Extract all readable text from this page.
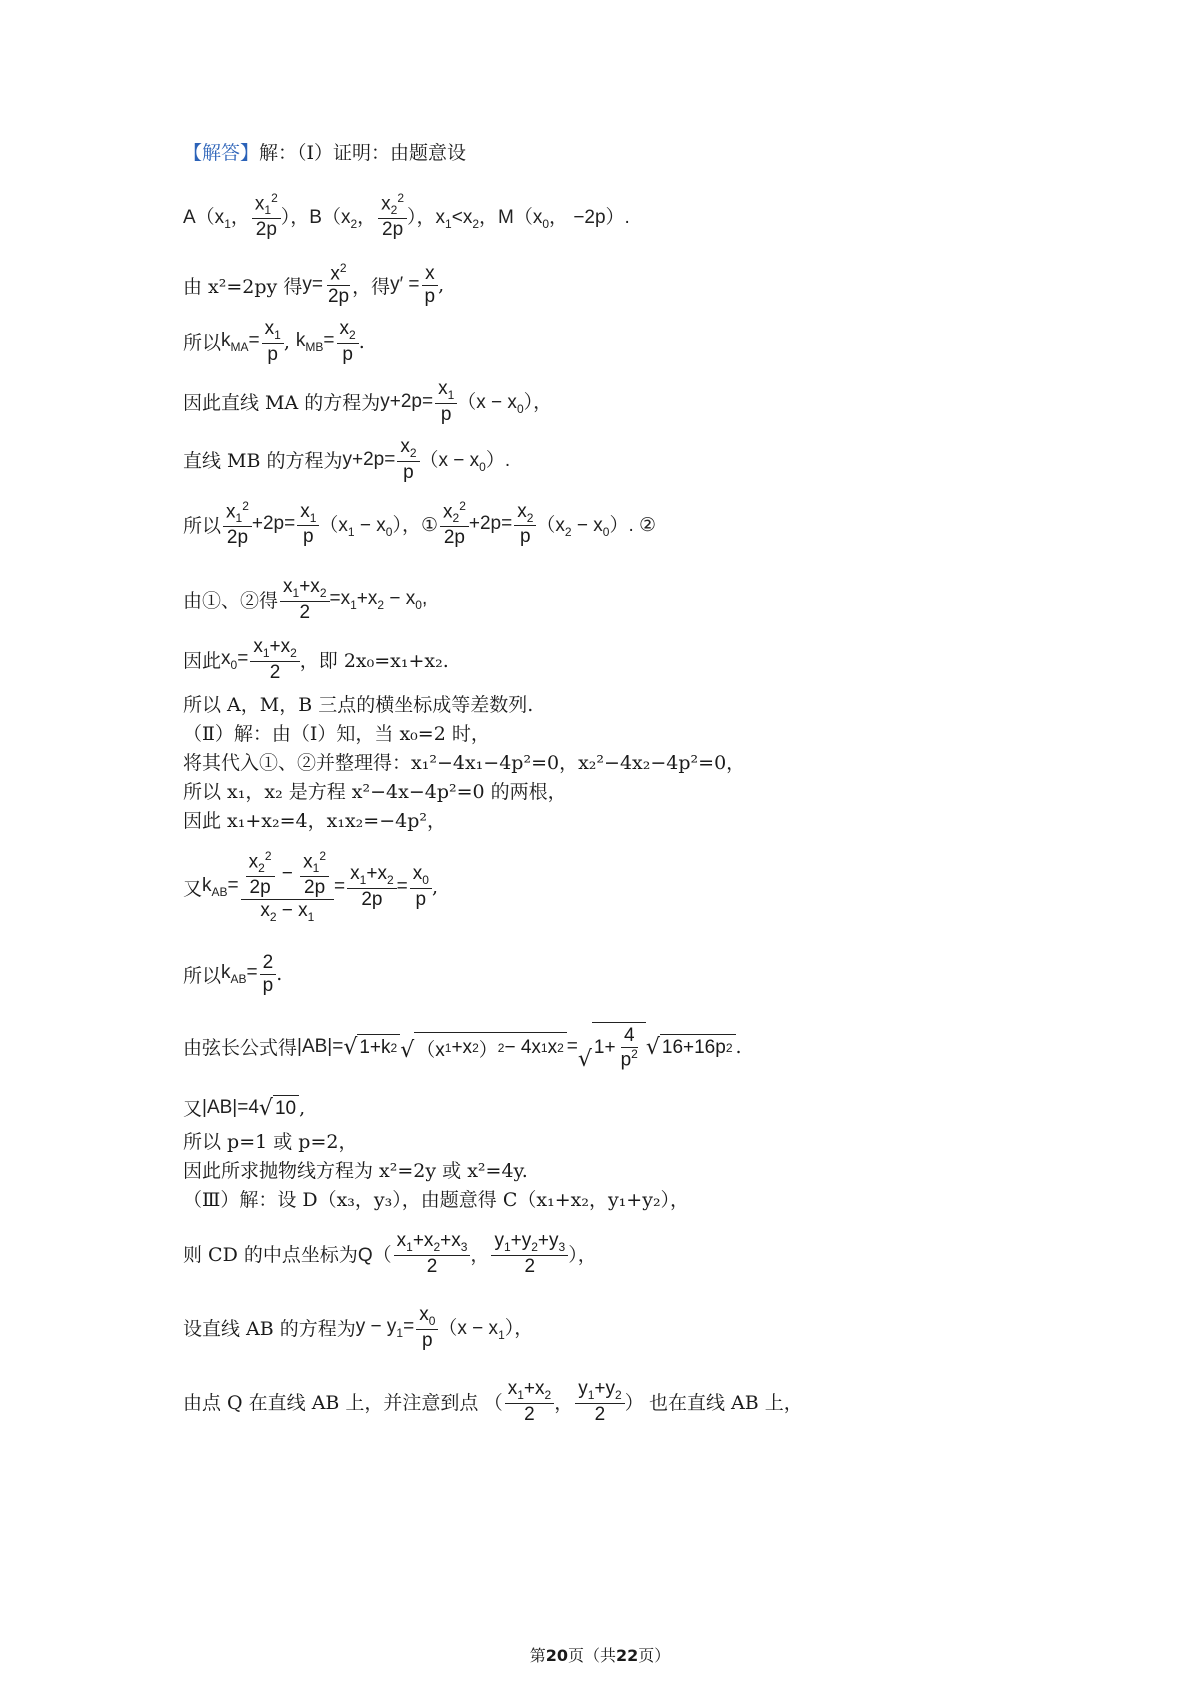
【解答】 解：（Ⅰ）证明：由题意设
$A(x_1$， $\frac{x_1^2}{2p}$ ），$B(x_2$， $\frac{x_2^2}{2p}$ ），$x_1<x_2$，$M(x_0$， −2p）.
由 x²=2py 得 $y= \frac{x^2}{2p}$ ，得 $y' = \frac{x}{p}$ ,
所以 $k_{MA}= \frac{x_1}{p}$ , $k_{MB}= \frac{x_2}{p}$ .
因此直线 MA 的方程为 $y+2p= \frac{x_1}{p} (x - x_0)$，
直线 MB 的方程为 $y+2p= \frac{x_2}{p} (x - x_0)$.
所以 $\frac{x_1^2}{2p} +2p= \frac{x_1}{p} (x_1 - x_0)$，① $\frac{x_2^2}{2p} +2p= \frac{x_2}{p} (x_2 - x_0)$. ②
由①、②得 $\frac{x_1+x_2}{2} =x_1+x_2 - x_0$,
因此 $x_0= \frac{x_1+x_2}{2}$ ，即 2x₀=x₁+x₂.
所以 A，M，B 三点的横坐标成等差数列.
（Ⅱ）解：由（Ⅰ）知，当 x₀=2 时，
将其代入①、②并整理得：x₁²−4x₁−4p²=0，x₂²−4x₂−4p²=0，
所以 x₁，x₂ 是方程 x²−4x−4p²=0 的两根，
因此 x₁+x₂=4，x₁x₂=−4p²，
又 $k_{AB}= \frac{\frac{x_2^2}{2p} - \frac{x_1^2}{2p}}{x_2 - x_1} = \frac{x_1+x_2}{2p} = \frac{x_0}{p}$ ,
所以 $k_{AB}= \frac{2}{p}$ .
由弦长公式得 |AB|= √ 1+k 2 √ （x 1 +x 2 ） 2 − 4x 1 x 2 =
√ $1+ \frac{4}{p^2}$ √ 16+16p 2 .
又 |AB|=4 √ 10 ,
所以 p=1 或 p=2，
因此所求抛物线方程为 x²=2y 或 x²=4y.
（Ⅲ）解：设 D（x₃，y₃），由题意得 C（x₁+x₂，y₁+y₂），
则 CD 的中点坐标为 $Q( \frac{x_1+x_2+x_3}{2}$ ， $\frac{y_1+y_2+y_3}{2}$ ），
设直线 AB 的方程为 $y - y_1= \frac{x_0}{p} (x - x_1)$，
由点 Q 在直线 AB 上，并注意到点 （ $\frac{x_1+x_2}{2}$ ， $\frac{y_1+y_2}{2}$ ） 也在直线 AB 上，
第20页（共22页）
